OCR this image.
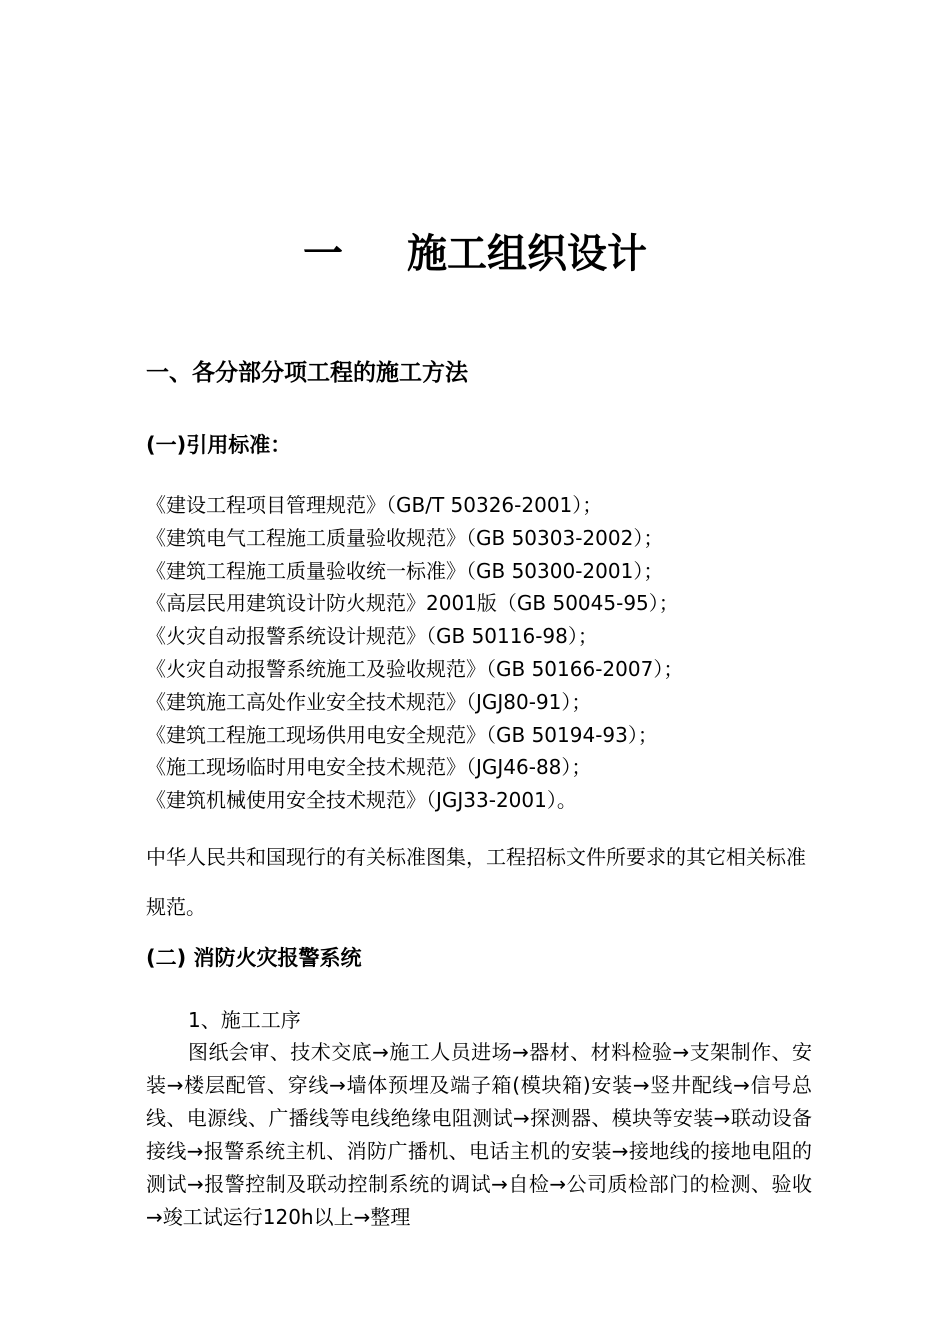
一 施工组织设计
一、各分部分项工程的施工方法
(一)引用标准：
《建设工程项目管理规范》（GB/T 50326-2001）；
《建筑电气工程施工质量验收规范》（GB 50303-2002）；
《建筑工程施工质量验收统一标准》（GB 50300-2001）；
《高层民用建筑设计防火规范》2001版（GB 50045-95）；
《火灾自动报警系统设计规范》（GB 50116-98）；
《火灾自动报警系统施工及验收规范》（GB 50166-2007）；
《建筑施工高处作业安全技术规范》（JGJ80-91）；
《建筑工程施工现场供用电安全规范》（GB 50194-93）；
《施工现场临时用电安全技术规范》（JGJ46-88）；
《建筑机械使用安全技术规范》（JGJ33-2001）。

中华人民共和国现行的有关标准图集，工程招标文件所要求的其它相关标准规范。

(二) 消防火灾报警系统
1、施工工序

图纸会审、技术交底→施工人员进场→器材、材料检验→支架制作、安装→楼层配管、穿线→墙体预埋及端子箱(模块箱)安装→竖井配线→信号总线、电源线、广播线等电线绝缘电阻测试→探测器、模块等安装→联动设备接线→报警系统主机、消防广播机、电话主机的安装→接地线的接地电阻的测试→报警控制及联动控制系统的调试→自检→公司质检部门的检测、验收→竣工试运行120h以上→整理
